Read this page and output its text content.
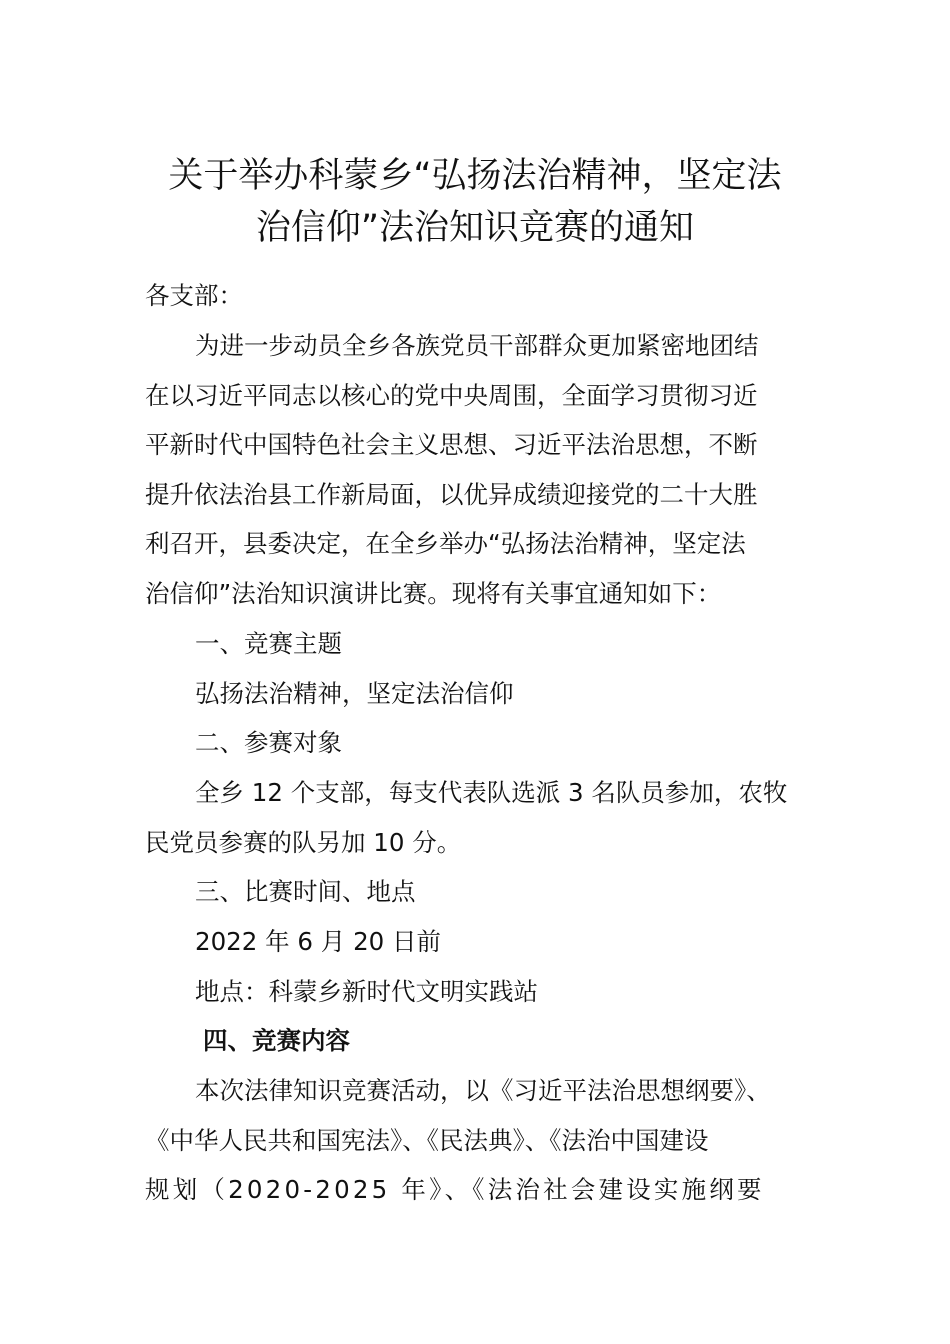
关于举办科蒙乡“弘扬法治精神，坚定法
治信仰”法治知识竞赛的通知
各支部：
为进一步动员全乡各族党员干部群众更加紧密地团结
在以习近平同志以核心的党中央周围，全面学习贯彻习近
平新时代中国特色社会主义思想、习近平法治思想，不断
提升依法治县工作新局面，以优异成绩迎接党的二十大胜
利召开，县委决定，在全乡举办“弘扬法治精神，坚定法
治信仰”法治知识演讲比赛。现将有关事宜通知如下：
一、竞赛主题
弘扬法治精神，坚定法治信仰
二、参赛对象
全乡 12 个支部，每支代表队选派 3 名队员参加，农牧
民党员参赛的队另加 10 分。
三、比赛时间、地点
2022 年 6 月 20 日前
地点：科蒙乡新时代文明实践站
四、竞赛内容
本次法律知识竞赛活动，以《习近平法治思想纲要》、
《中华人民共和国宪法》、《民法典》、《法治中国建设
规划（2020-2025 年》、《法治社会建设实施纲要
